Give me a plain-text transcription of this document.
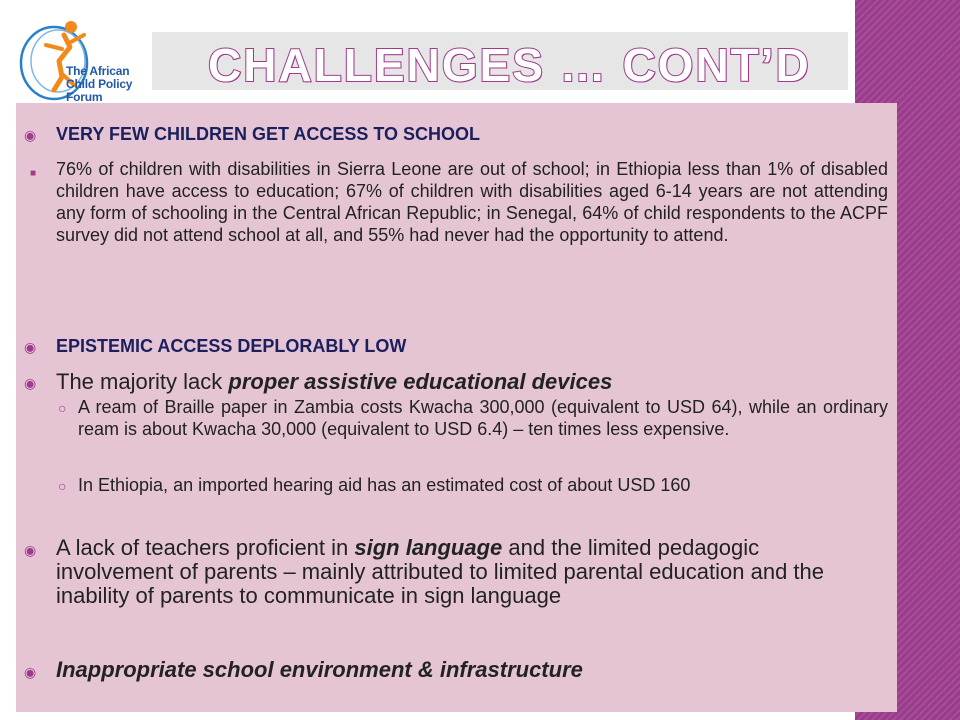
The African Child Policy Forum
CHALLENGES … CONT’D
◉ VERY FEW CHILDREN GET ACCESS TO SCHOOL
■ 76% of children with disabilities in Sierra Leone are out of school; in Ethiopia less than 1% of disabled children have access to education; 67% of children with disabilities aged 6-14 years are not attending any form of schooling in the Central African Republic; in Senegal, 64% of child respondents to the ACPF survey did not attend school at all, and 55% had never had the opportunity to attend.
◉ EPISTEMIC ACCESS DEPLORABLY LOW
◉ The majority lack proper assistive educational devices
○ A ream of Braille paper in Zambia costs Kwacha 300,000 (equivalent to USD 64), while an ordinary ream is about Kwacha 30,000 (equivalent to USD 6.4) – ten times less expensive.
○ In Ethiopia, an imported hearing aid has an estimated cost of about USD 160
◉ A lack of teachers proficient in sign language and the limited pedagogic involvement of parents – mainly attributed to limited parental education and the inability of parents to communicate in sign language
◉ Inappropriate school environment & infrastructure
